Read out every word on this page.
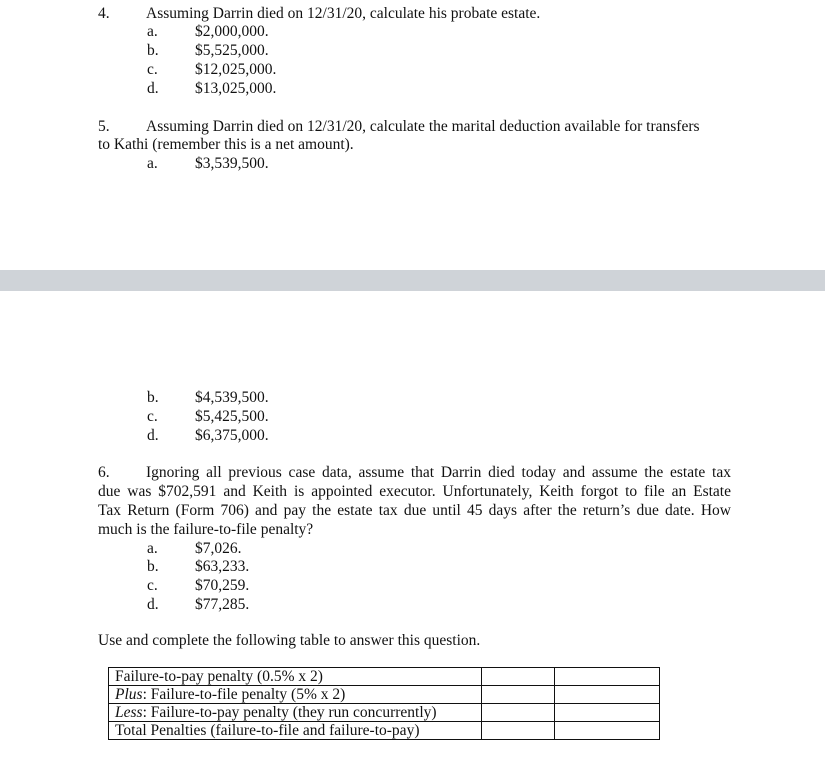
4. Assuming Darrin died on 12/31/20, calculate his probate estate.
a.	$2,000,000.
b.	$5,525,000.
c.	$12,025,000.
d.	$13,025,000.
5. Assuming Darrin died on 12/31/20, calculate the marital deduction available for transfers
to Kathi (remember this is a net amount).
a.	$3,539,500.
b.	$4,539,500.
c.	$5,425,500.
d.	$6,375,000.
6. Ignoring all previous case data, assume that Darrin died today and assume the estate tax
due was $702,591 and Keith is appointed executor. Unfortunately, Keith forgot to file an Estate
Tax Return (Form 706) and pay the estate tax due until 45 days after the return’s due date. How
much is the failure-to-file penalty?
a.	$7,026.
b.	$63,233.
c.	$70,259.
d.	$77,285.
Use and complete the following table to answer this question.
Failure-to-pay penalty (0.5% x 2)		
Plus: Failure-to-file penalty (5% x 2)		
Less: Failure-to-pay penalty (they run concurrently)		
Total Penalties (failure-to-file and failure-to-pay)		
